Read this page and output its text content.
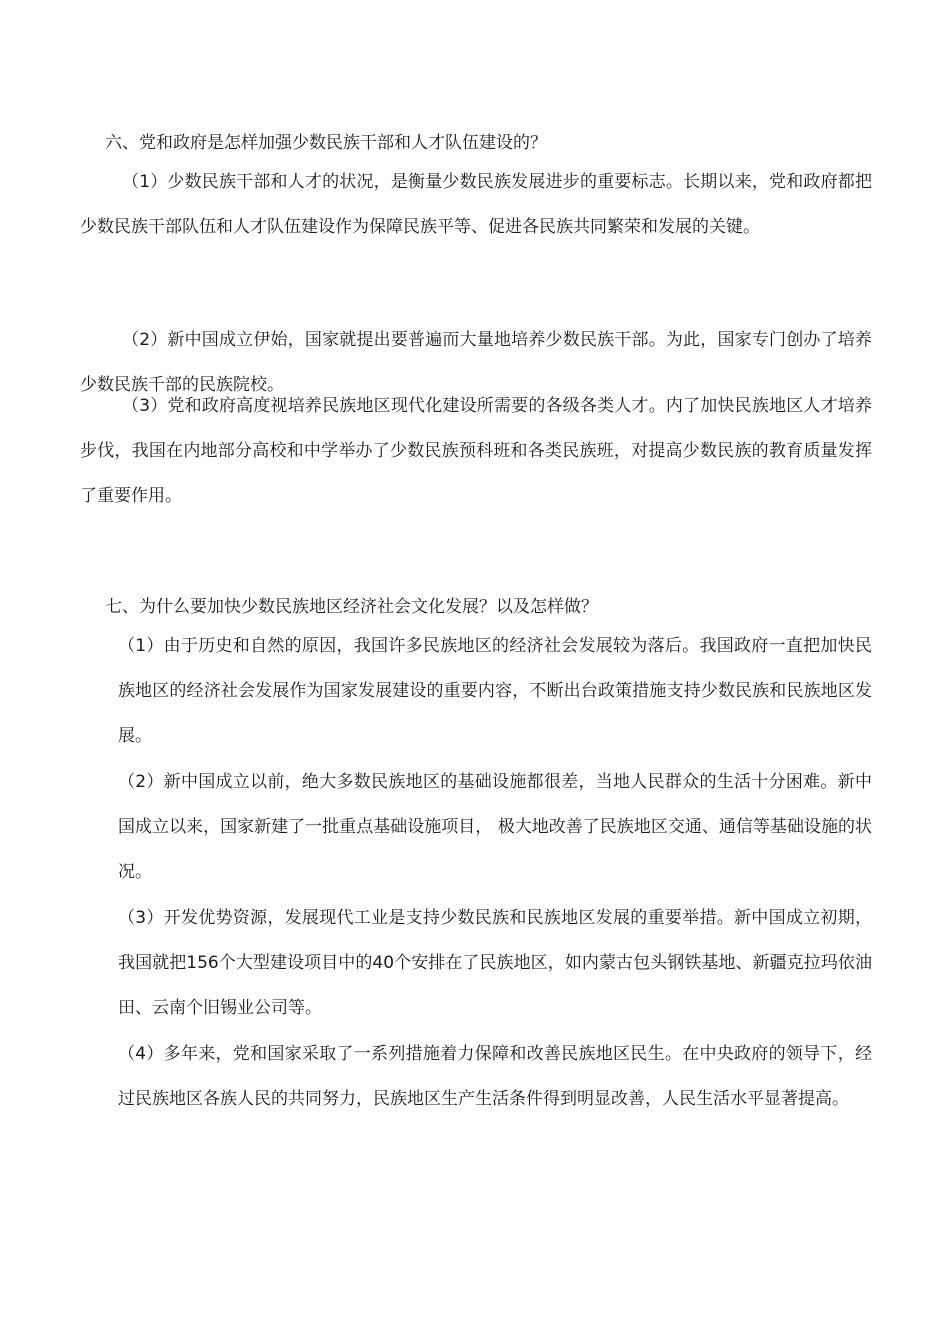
六、党和政府是怎样加强少数民族干部和人才队伍建设的？
（1）少数民族干部和人才的状况，是衡量少数民族发展进步的重要标志。长期以来，党和政府都把少数民族干部队伍和人才队伍建设作为保障民族平等、促进各民族共同繁荣和发展的关键。
（2）新中国成立伊始，国家就提出要普遍而大量地培养少数民族干部。为此，国家专门创办了培养少数民族千部的民族院校。
（3）党和政府高度视培养民族地区现代化建设所需要的各级各类人才。内了加快民族地区人才培养步伐，我国在内地部分高校和中学举办了少数民族预科班和各类民族班，对提高少数民族的教育质量发挥了重要作用。
七、为什么要加快少数民族地区经济社会文化发展？以及怎样做？
（1）由于历史和自然的原因，我国许多民族地区的经济社会发展较为落后。我国政府一直把加快民族地区的经济社会发展作为国家发展建设的重要内容，不断出台政策措施支持少数民族和民族地区发展。
（2）新中国成立以前，绝大多数民族地区的基础设施都很差，当地人民群众的生活十分困难。新中国成立以来，国家新建了一批重点基础设施项目， 极大地改善了民族地区交通、通信等基础设施的状况。
（3）开发优势资源，发展现代工业是支持少数民族和民族地区发展的重要举措。新中国成立初期，我国就把156个大型建设项目中的40个安排在了民族地区，如内蒙古包头钢铁基地、新疆克拉玛依油田、云南个旧锡业公司等。
（4）多年来，党和国家采取了一系列措施着力保障和改善民族地区民生。在中央政府的领导下，经过民族地区各族人民的共同努力，民族地区生产生活条件得到明显改善，人民生活水平显著提高。
